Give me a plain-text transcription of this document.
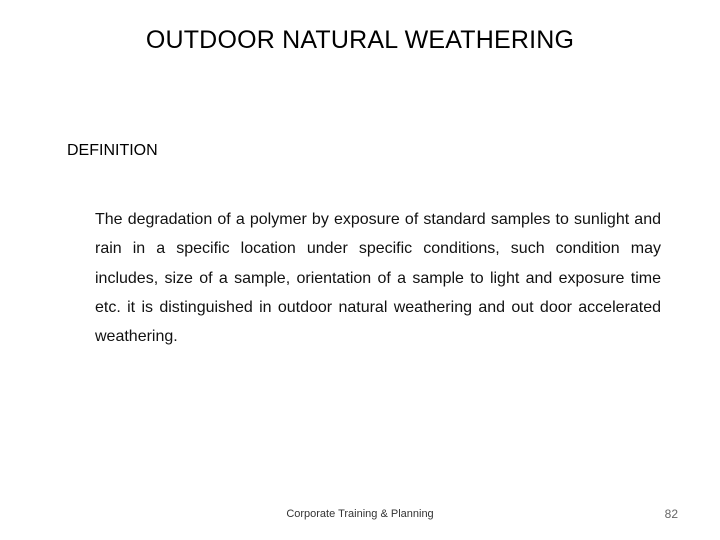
OUTDOOR NATURAL WEATHERING
DEFINITION
The degradation of a polymer by exposure of standard samples to sunlight and rain in a specific location under specific conditions, such condition may includes, size of a sample, orientation of a sample to light and exposure time etc. it is distinguished in outdoor natural weathering and out door accelerated weathering.
Corporate Training & Planning	82
